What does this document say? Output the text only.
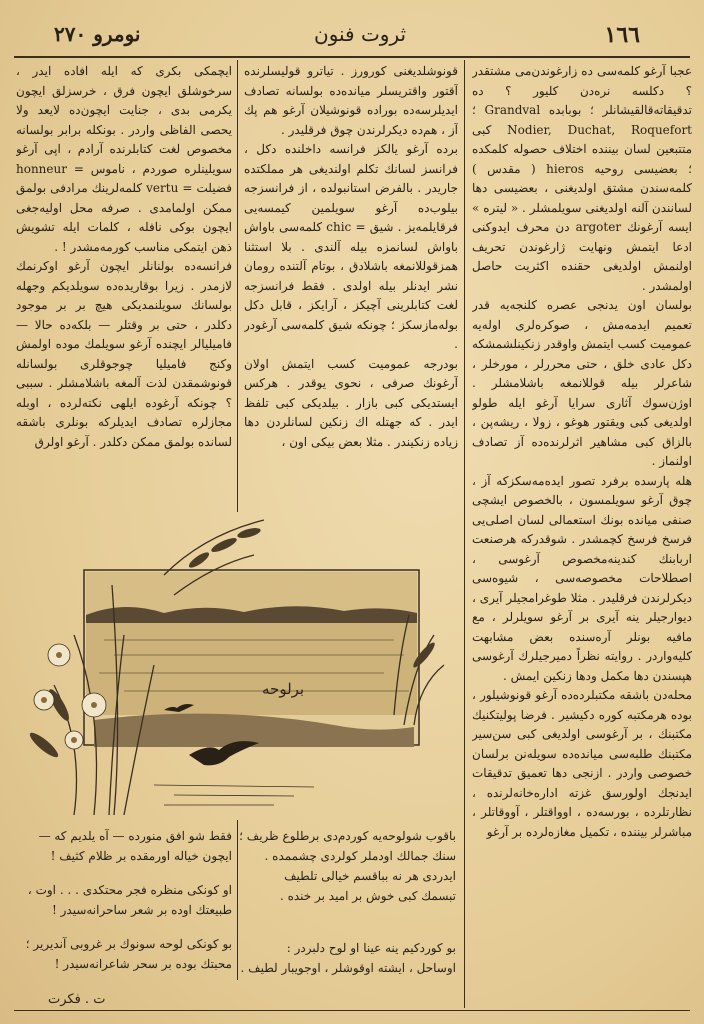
١٦٦
ثروت فنون
نومرو ٢٧٠

عجبا آرغو كلمه‌سی ده زارغوندن‌می مشتقدر ؟ دكلسه نره‌دن كليور ؟ ده تدقيقاته‌قالقيشانلر ؛ بوبابده Grandval ؛ Nodier, Duchat, Roquefort كبی متتبعين لسان بيننده اختلاف حصوله كلمكده ؛ بعضيسی روحيه hieros ( مقدس ) كلمه‌سندن مشتق اولديغنی ، بعضيسی دها لسانندن آلنه اولديغنی سويلمشلر . « ليتره » ايسه آرغونك argoter دن محرف ايدوكنی ادعا ايتمش ونهايت ژارغوندن تحريف اولنمش اولديغی حقنده اكثريت حاصل اولمشدر .

بولسان اون يدنجی عصره كلنجه‌يه قدر تعميم ايدمه‌مش ، صوكره‌لری اوله‌يه عموميت كسب ايتمش واوقدر زنكينلشمشكه دكل عادی خلق ، حتی محررلر ، مورخلر ، شاعرلر بيله قوللانمغه باشلامشلر . اوژن‌سوك آثاری سرايا آرغو ايله طولو اولديغی كبی ويقتور هوغو ، زولا ، ريشه‌پن ، بالزاق كبی مشاهير اثرلرنده‌ده آز تصادف اولنماز .

هله پارسده برفرد تصور ايده‌مه‌سكزكه آز ، چوق آرغو سويلمسون ، بالخصوص ايشچی صنفی ميانده بونك استعمالی لسان اصلی‌يی فرسخ فرسخ كچمشدر . شوقدركه هرصنعت اربابنك كندينه‌مخصوص آرغوسی ، اصطلاحات مخصوصه‌سی ، شيوه‌سی ديكرلرندن فرقليدر . مثلا طوغرامجيلر آيری ، دیوارجیلر ینه آیری بر آرغو سويلرلر ، مع مافيه بونلر آره‌سنده بعض مشابهت كليه‌واردر . روايته نظراً دمیرجیلرك آرغوسی هپسندن دها مكمل ودها زنكين ايمش .

محله‌دن باشقه مكتبلرده‌ده آرغو قونوشيلور ، بوده هرمكتبه كوره دكيشير . فرضا پوليتكنيك مكتبنك ، بر آرغوسی اولديغی كبی سن‌سير مكتبنك طلبه‌سی ميانده‌ده سويله‌نن برلسان خصوصی واردر . ازنجی دها تعميق تدقيقات ايدنجك اولورسق غزته اداره‌خانه‌لرنده ، نظارتلرده ، بورسه‌ده ، اوواقتلر ، آووقاتلر ، مباشرلر بيننده ، تكميل مغازه‌لرده بر آرغو

قونوشلديغنی كورورز . تياترو قوليسلرنده آقتور واقتريسلر ميانده‌ده بولسانه تصادف ايديلرسه‌ده بوراده قونوشيلان آرغو هم پك آز ، هم‌ده ديكرلرندن چوق فرقليدر .

برده آرغو يالكز فرانسه داخلنده دكل ، فرانسز لسانك تكلم اولنديغی هر مملكتده جاريدر . بالفرض استانبولده ، از فرانسزجه بيلوب‌ده آرغو سويلمين كيمسه‌يی فرقايلمه‌يز . شيق = chic كلمه‌سی باواش باواش لسانمزه بيله آلندی . بلا استثنا همزقوللانمغه باشلادق ، بوتام آلتنده رومان نشر ايدنلر بيله اولدی . فقط فرانسزجه لغت كتابلرينی آچيكز ، آرايكز ، قابل دكل بوله‌مازسكز ؛ چونكه شيق كلمه‌سی آرغودر .

بودرجه عموميت كسب ايتمش اولان آرغونك صرفی ، نحوی يوقدر . هركس ايستديكی كبی بازار . بيلديكی كبی تلفظ ايدر . كه جهتله اك زنكين لسانلردن دها زياده زنكيندر . مثلا بعض بيكی اون ،

ايچمكی بكری كه ايله افاده ايدر ، سرخوشلق ايچون فرق ، خرسزلق ايچون يكرمی بدی ، جنايت ايچون‌ده لايعد ولا يحصی الفاظی واردر . بونكله برابر بولسانه مخصوص لغت كتابلرنده آرادم ، اپی آرغو سويلينلره صوردم ، ناموس = honneur فضيلت = vertu كلمه‌لرينك مرادفی بولمق ممكن اولمامدی . صرفه محل اوليه‌جغی ايچون بوكی نافله ، كلمات ايله تشويش ذهن ايتمكی مناسب كورمه‌مشدر ! .

فرانسه‌ده بولنانلر ايچون آرغو اوكرنمك لازمدر . زيرا بوقاريده‌ده سويلديكم وجهله بولسانك سويلنمديكی هيچ بر بر موجود دكلدر ، حتی بر وقتلر — بلكه‌ده حالا — فاميليالر ايچنده آرغو سويلمك موده اولمش وكنج فاميليا چوجوقلری بولسانله قونوشمقدن لذت آلمغه باشلامشلر . سببی ؟ چونكه آرغوده ايلهی نكته‌لرده ، اوبله مجازلره تصادف ايديلركه بونلری باشقه لسانده بولمق ممكن دكلدر . آرغو اولرق

برلوحه
باقوب شولوحه‌يه كوردم‌دی برطلوع ظريف ؛
سنك جمالك اودملر كولردی چشممده .
ايدردی هر نه بباقسم خيالی تلطيف
تبسمك كبی خوش بر اميد بر خنده .
فقط شو افق منورده — آه يلديم كه —
ايچون خياله اورمقده بر ظلام كثيف !
او كونكی منظره فجر محتكدی . . . اوت ،
طبيعتك اوده بر شعر ساحرانه‌سيدر !
بو كونكی لوحه سونوك بر غروبی آنديرير ؛
محبتك بوده بر سحر شاعرانه‌سيدر !
بو كوردكيم ينه عينا او لوح دلبردر :
اوساحل ، ايشته اوقوشلر ، اوجويبار لطيف .
ت . فكرت
